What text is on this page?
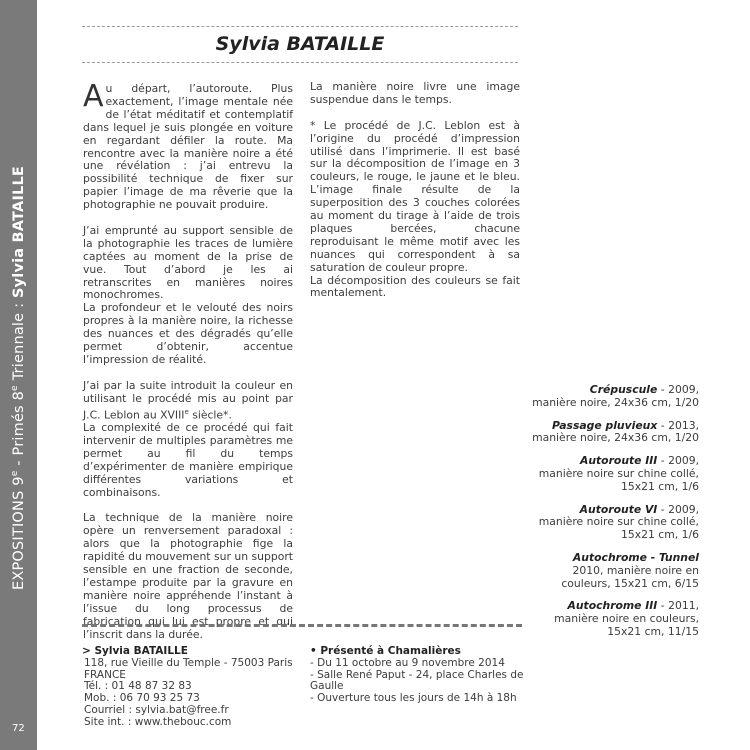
EXPOSITIONS 9e - Primés 8e Triennale : Sylvia BATAILLE
72
Sylvia BATAILLE

Au départ, l’autoroute. Plus exactement, l’image mentale née de l’état méditatif et contemplatif dans lequel je suis plongée en voiture en regardant défiler la route. Ma rencontre avec la manière noire a été une révélation : j’ai entrevu la possibilité technique de fixer sur papier l’image de ma rêverie que la photographie ne pouvait produire.

J’ai emprunté au support sensible de la photographie les traces de lumière captées au moment de la prise de vue. Tout d’abord je les ai retranscrites en manières noires monochromes.
La profondeur et le velouté des noirs propres à la manière noire, la richesse des nuances et des dégradés qu’elle permet d’obtenir, accentue l’impression de réalité.

J’ai par la suite introduit la couleur en utilisant le procédé mis au point par J.C. Leblon au XVIIIe siècle*.
La complexité de ce procédé qui fait intervenir de multiples paramètres me permet au fil du temps d’expérimenter de manière empirique différentes variations et combinaisons.

La technique de la manière noire opère un renversement paradoxal : alors que la photographie fige la rapidité du mouvement sur un support sensible en une fraction de seconde, l’estampe produite par la gravure en manière noire appréhende l’instant à l’issue du long processus de fabrication qui lui est propre et qui l’inscrit dans la durée.

La manière noire livre une image suspendue dans le temps.

* Le procédé de J.C. Leblon est à l’origine du procédé d’impression utilisé dans l’imprimerie. Il est basé sur la décomposition de l’image en 3 couleurs, le rouge, le jaune et le bleu. L’image finale résulte de la superposition des 3 couches colorées au moment du tirage à l’aide de trois plaques bercées, chacune reproduisant le même motif avec les nuances qui correspondent à sa saturation de couleur propre.

La décomposition des couleurs se fait mentalement.

Crépuscule - 2009,
manière noire, 24x36 cm, 1/20
Passage pluvieux - 2013,
manière noire, 24x36 cm, 1/20
Autoroute III - 2009,
manière noire sur chine collé,
15x21 cm, 1/6
Autoroute VI - 2009,
manière noire sur chine collé,
15x21 cm, 1/6
Autochrome - Tunnel
2010, manière noire en
couleurs, 15x21 cm, 6/15
Autochrome III - 2011,
manière noire en couleurs,
15x21 cm, 11/15
> Sylvia BATAILLE
118, rue Vieille du Temple - 75003 Paris
FRANCE
Tél. : 01 48 87 32 83
Mob. : 06 70 93 25 73
Courriel : sylvia.bat@free.fr
Site int. : www.thebouc.com
• Présenté à Chamalières
- Du 11 octobre au 9 novembre 2014
- Salle René Paput - 24, place Charles de Gaulle
- Ouverture tous les jours de 14h à 18h
